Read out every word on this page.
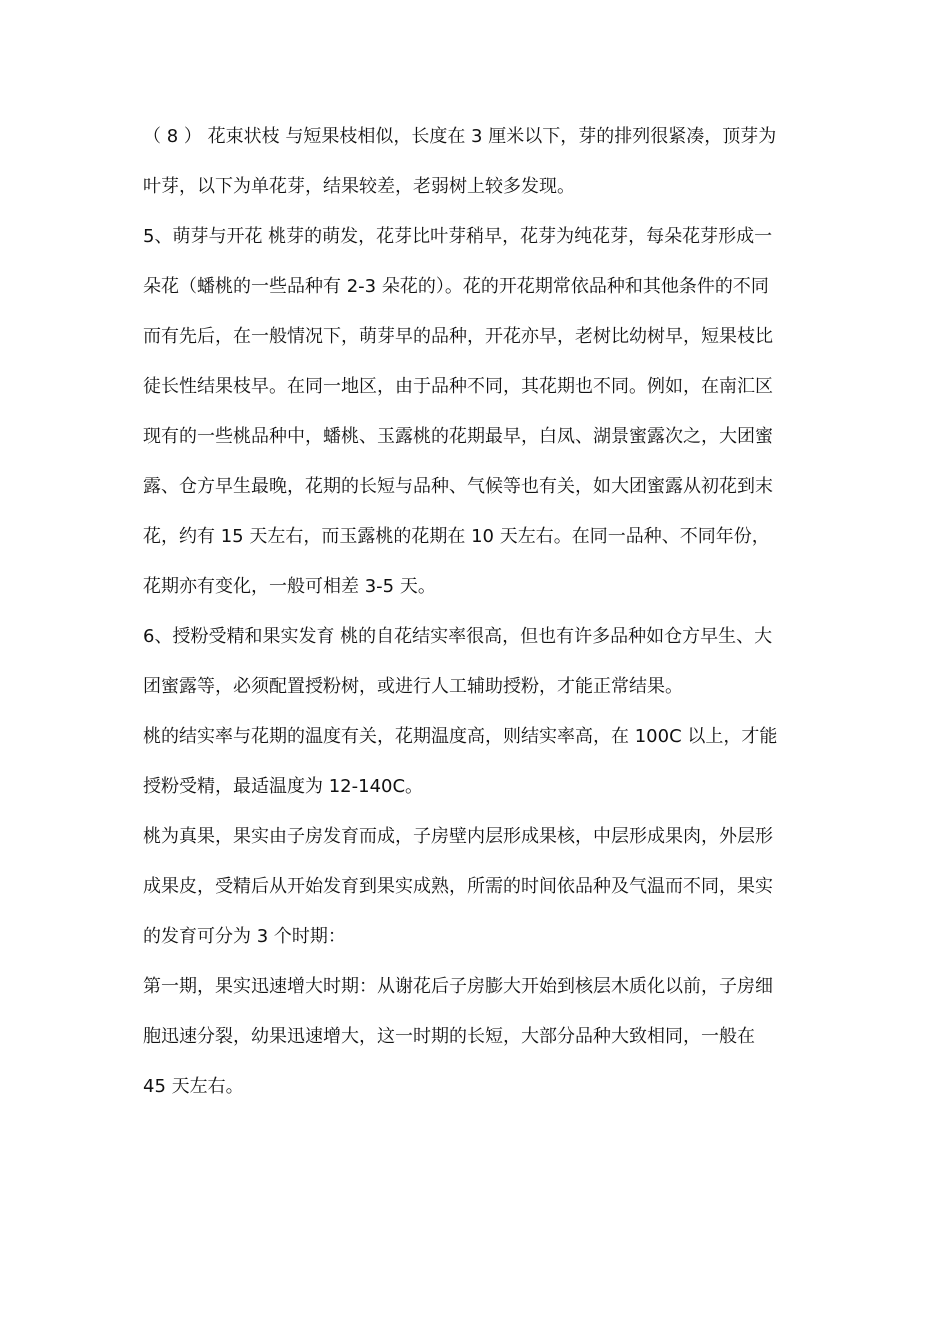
（ 8 ） 花束状枝 与短果枝相似，长度在 3 厘米以下，芽的排列很紧凑，顶芽为
叶芽，以下为单花芽，结果较差，老弱树上较多发现。
5、萌芽与开花 桃芽的萌发，花芽比叶芽稍早，花芽为纯花芽，每朵花芽形成一
朵花（蟠桃的一些品种有 2-3 朵花的）。花的开花期常依品种和其他条件的不同
而有先后，在一般情况下，萌芽早的品种，开花亦早，老树比幼树早，短果枝比
徒长性结果枝早。在同一地区，由于品种不同，其花期也不同。例如，在南汇区
现有的一些桃品种中，蟠桃、玉露桃的花期最早，白凤、湖景蜜露次之，大团蜜
露、仓方早生最晚，花期的长短与品种、气候等也有关，如大团蜜露从初花到末
花，约有 15 天左右，而玉露桃的花期在 10 天左右。在同一品种、不同年份，
花期亦有变化，一般可相差 3-5 天。
6、授粉受精和果实发育 桃的自花结实率很高，但也有许多品种如仓方早生、大
团蜜露等，必须配置授粉树，或进行人工辅助授粉，才能正常结果。
桃的结实率与花期的温度有关，花期温度高，则结实率高，在 100C 以上，才能
授粉受精，最适温度为 12-140C。
桃为真果，果实由子房发育而成，子房壁内层形成果核，中层形成果肉，外层形
成果皮，受精后从开始发育到果实成熟，所需的时间依品种及气温而不同，果实
的发育可分为 3 个时期：
第一期，果实迅速增大时期：从谢花后子房膨大开始到核层木质化以前，子房细
胞迅速分裂，幼果迅速增大，这一时期的长短，大部分品种大致相同，一般在
45 天左右。
